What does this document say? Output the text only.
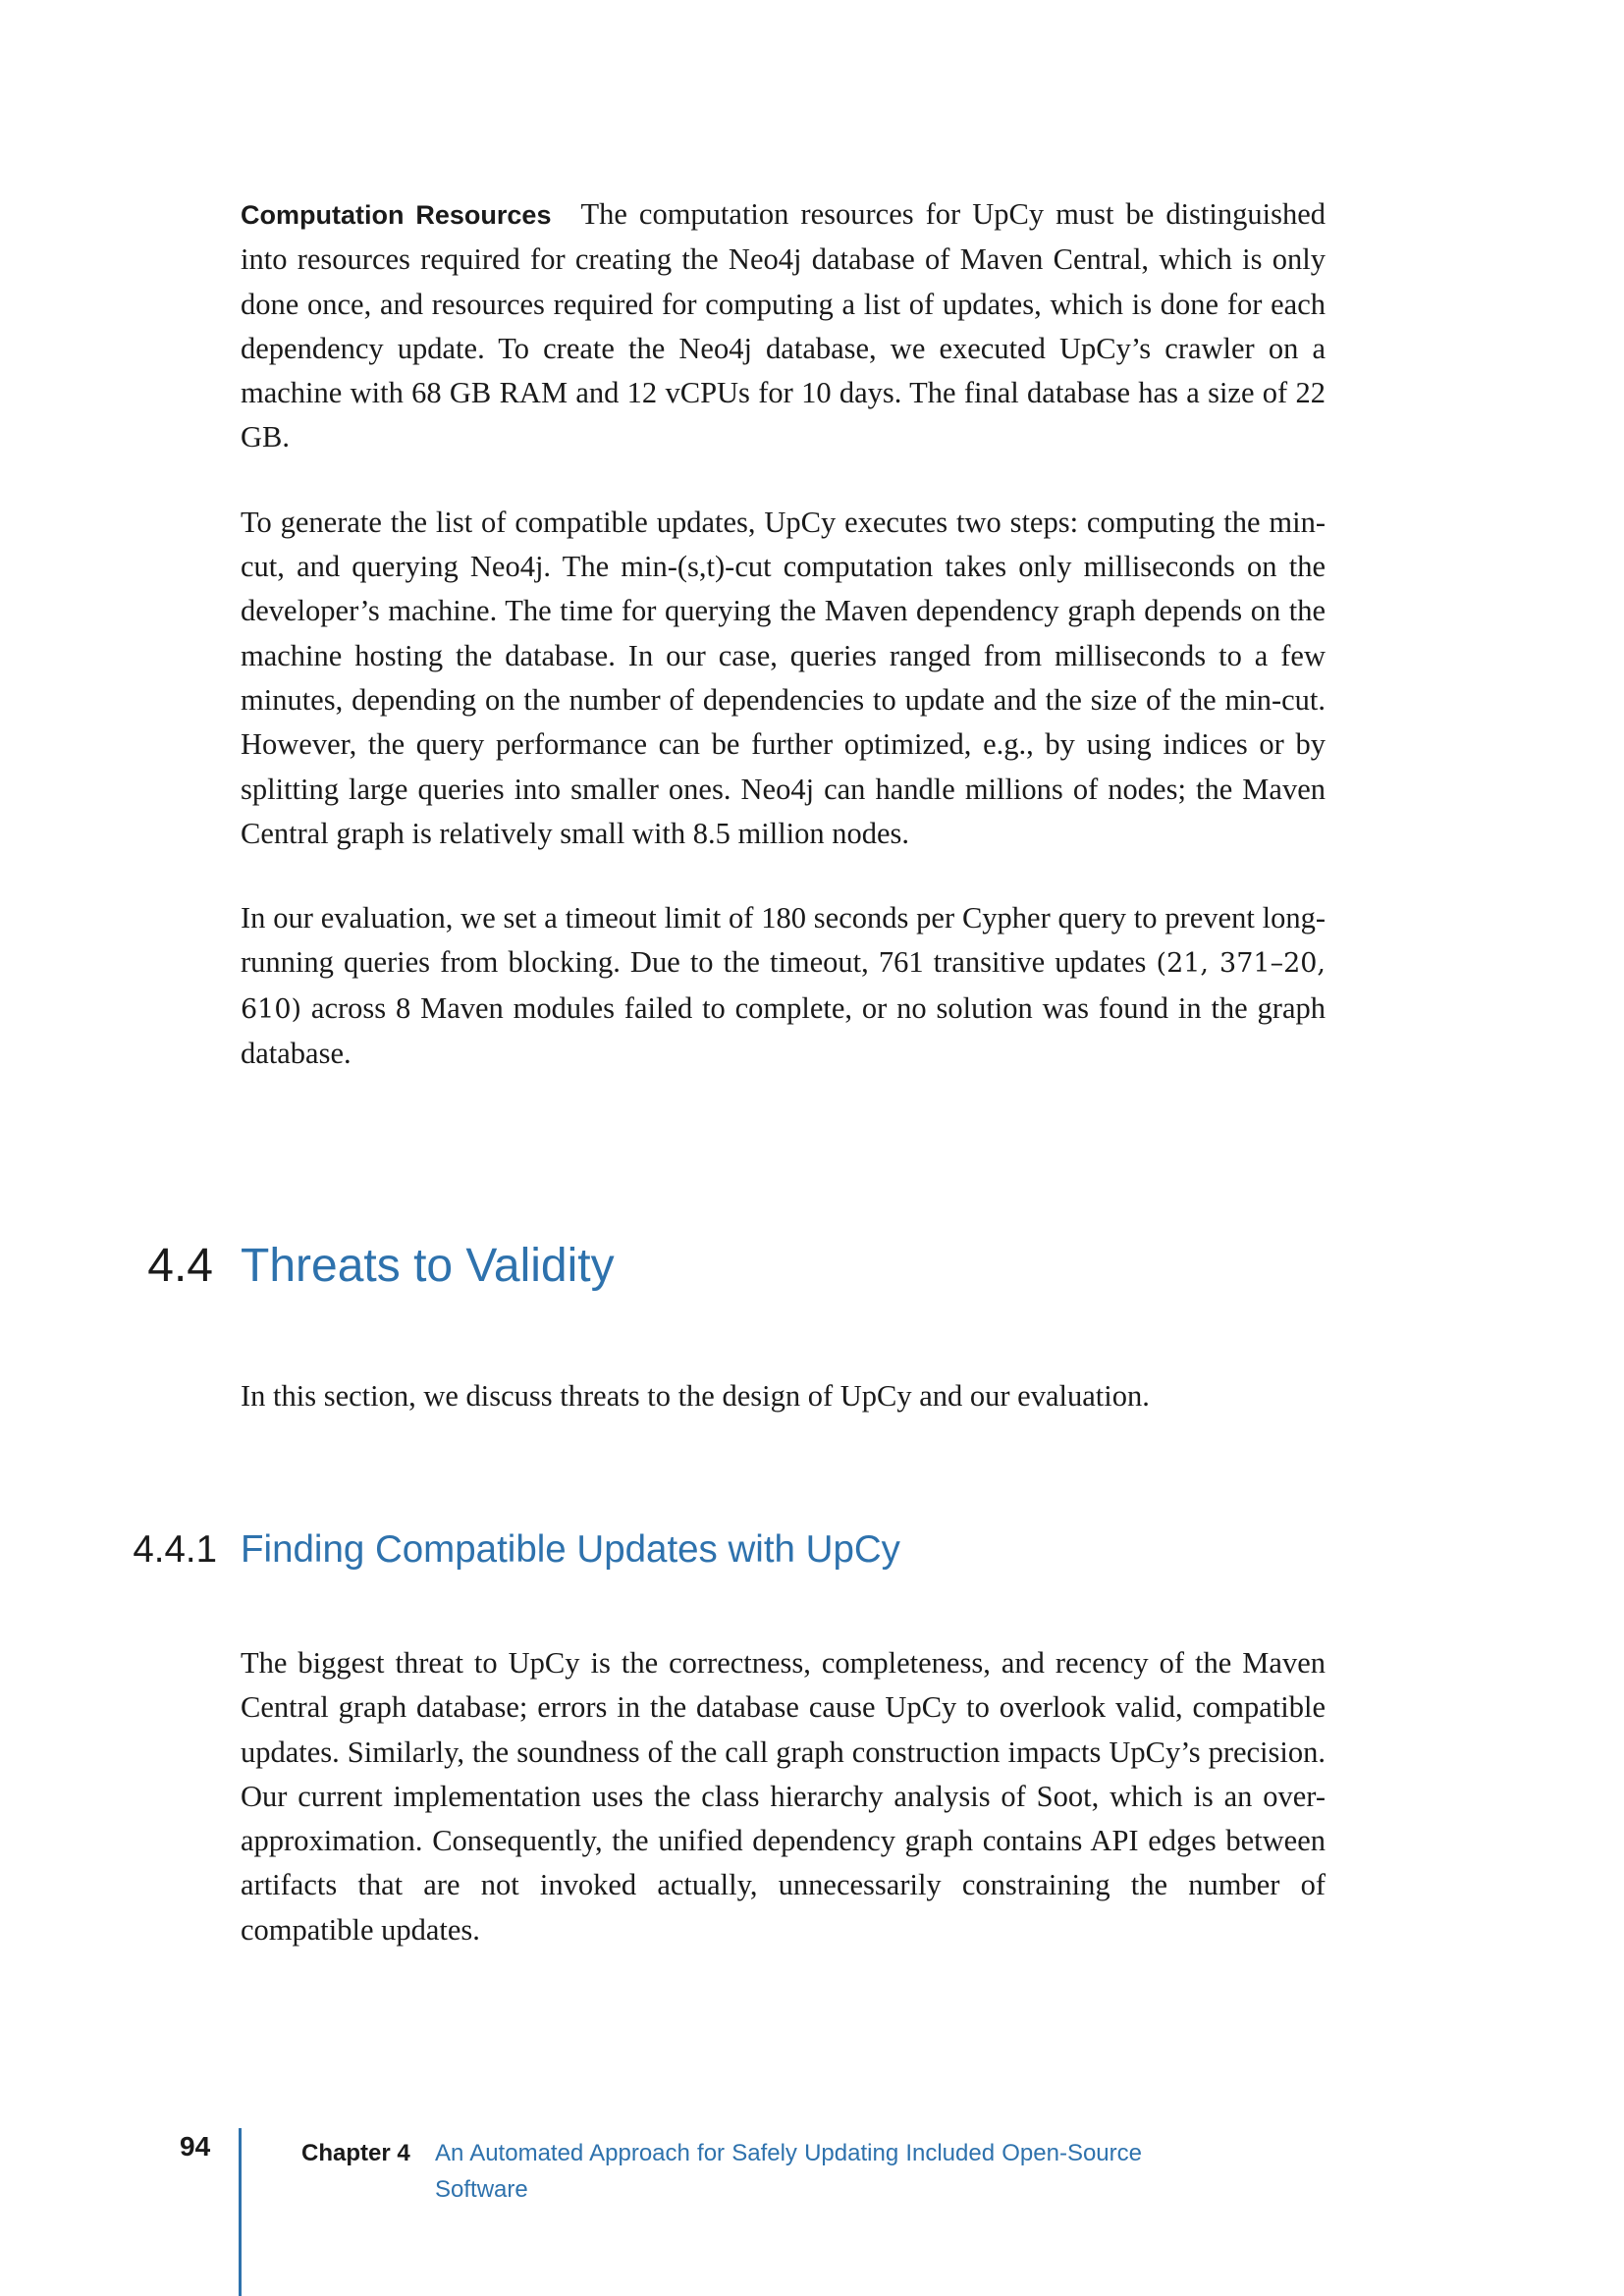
Computation Resources The computation resources for UpCy must be distinguished into resources required for creating the Neo4j database of Maven Central, which is only done once, and resources required for computing a list of updates, which is done for each dependency update. To create the Neo4j database, we executed UpCy’s crawler on a machine with 68 GB RAM and 12 vCPUs for 10 days. The final database has a size of 22 GB.

To generate the list of compatible updates, UpCy executes two steps: computing the min-cut, and querying Neo4j. The min-(s,t)-cut computation takes only milliseconds on the developer’s machine. The time for querying the Maven dependency graph depends on the machine hosting the database. In our case, queries ranged from milliseconds to a few minutes, depending on the number of dependencies to update and the size of the min-cut. However, the query performance can be further optimized, e.g., by using indices or by splitting large queries into smaller ones. Neo4j can handle millions of nodes; the Maven Central graph is relatively small with 8.5 million nodes.

In our evaluation, we set a timeout limit of 180 seconds per Cypher query to prevent long-running queries from blocking. Due to the timeout, 761 transitive updates (21, 371–20, 610) across 8 Maven modules failed to complete, or no solution was found in the graph database.

4.4 Threats to Validity

In this section, we discuss threats to the design of UpCy and our evaluation.

4.4.1 Finding Compatible Updates with UpCy

The biggest threat to UpCy is the correctness, completeness, and recency of the Maven Central graph database; errors in the database cause UpCy to overlook valid, compatible updates. Similarly, the soundness of the call graph construction impacts UpCy’s precision. Our current implementation uses the class hierarchy analysis of Soot, which is an over-approximation. Consequently, the unified dependency graph contains API edges between artifacts that are not invoked actually, unnecessarily constraining the number of compatible updates.

94	Chapter 4 An Automated Approach for Safely Updating Included Open-Source Software
